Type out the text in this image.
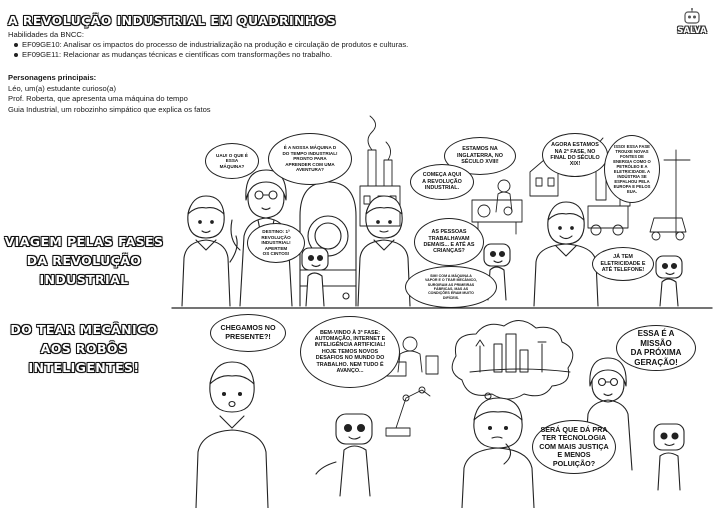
A REVOLUÇÃO INDUSTRIAL EM QUADRINHOS
SALVA
Habilidades da BNCC:
EF09GE10: Analisar os impactos do processo de industrialização na produção e circulação de produtos e culturas.
EF09GE11: Relacionar as mudanças técnicas e científicas com transformações no trabalho.
Personagens principais:
Léo, um(a) estudante curioso(a)
Prof. Roberta, que apresenta uma máquina do tempo
Guia Industrial, um robozinho simpático que explica os fatos
VIAGEM PELAS FASES
DA REVOLUÇÃO
INDUSTRIAL
DO TEAR MECÂNICO
AOS ROBÔS
INTELIGENTES!
UAU! O QUE É
ESSA
MÁQUINA?
É A NOSSA MÁQUINA D
DO TEMPO INDUSTRIAL!
PRONTO PARA
APRENDER COM UMA
AVENTURA?
DESTINO: 1ª
REVOLUÇÃO
INDUSTRIAL! APERTEM
OS CINTOS!
ESTAMOS NA
INGLATERRA, NO
SÉCULO XVIII!
COMEÇA AQUI
A REVOLUÇÃO
INDUSTRIAL.
AS PESSOAS
TRABALHAVAM
DEMAIS... E ATÉ AS
CRIANÇAS?
SIM! COM A MÁQUINA A
VAPOR E O TEAR MECÂNICO,
SURGIRAM AS PRIMEIRAS
FÁBRICAS, MAS AS
CONDIÇÕES ERAM MUITO
DIFÍCEIS.
AGORA ESTAMOS
NA 2ª FASE, NO
FINAL DO SÉCULO
XIX!
ISSO! ESSA FASE
TROUXE NOVAS
FONTES DE
ENERGIA COMO O
PETRÓLEO E A
ELETRICIDADE. A
INDÚSTRIA SE
ESPALHOU PELA
EUROPA E PELOS
EUA.
JÁ TEM
ELETRICIDADE E
ATÉ TELEFONE!
CHEGAMOS NO
PRESENTE?!	BEM-VINDO À 3ª FASE:
AUTOMAÇÃO, INTERNET E
INTELIGÊNCIA ARTIFICIAL!
HOJE TEMOS NOVOS
DESAFIOS NO MUNDO DO
TRABALHO. NEM TUDO É
AVANÇO...
ESSA É A MISSÃO
DA PRÓXIMA
GERAÇÃO!
SERÁ QUE DÁ PRA
TER TECNOLOGIA
COM MAIS JUSTIÇA
E MENOS POLUIÇÃO?
